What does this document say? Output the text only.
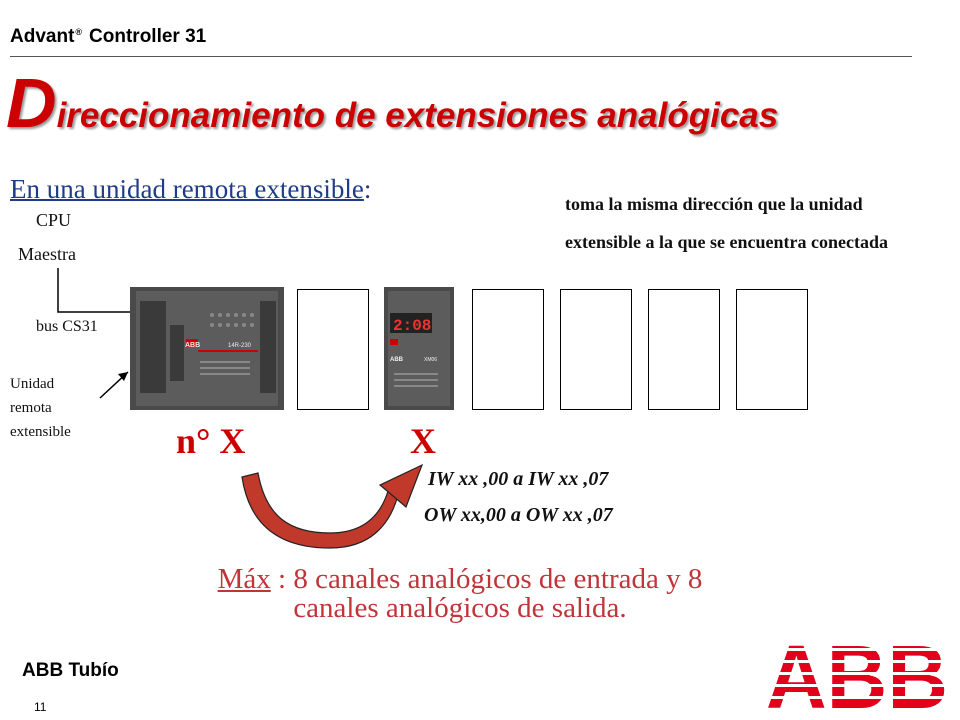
Advant® Controller 31
Direccionamiento de extensiones analógicas
En una unidad remota extensible:	toma la misma dirección que la unidad extensible a la que se encuentra conectada
CPU
Maestra
bus CS31
Unidad
remota
extensible
ABB	14R-230
2:08
ABB	XM06
n° X	X
IW xx ,00 a IW xx ,07
OW xx,00 a OW xx ,07
Máx : 8 canales analógicos de entrada y 8 canales analógicos de salida.
ABB Tubío
11
